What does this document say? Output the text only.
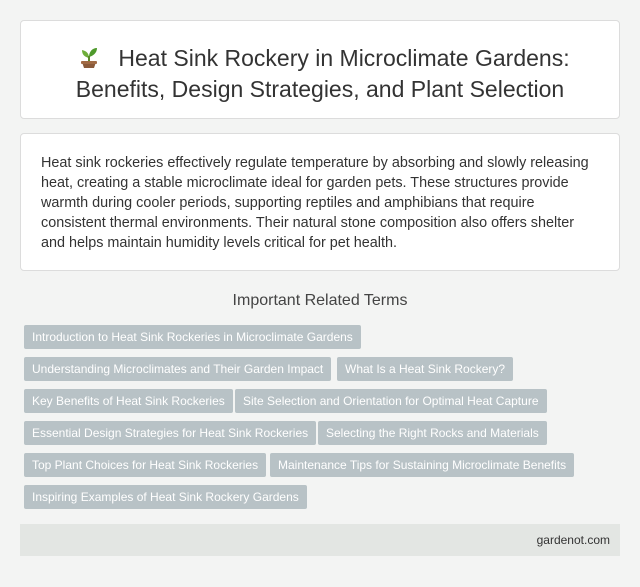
Heat Sink Rockery in Microclimate Gardens:
Benefits, Design Strategies, and Plant Selection

Heat sink rockeries effectively regulate temperature by absorbing and slowly releasing heat, creating a stable microclimate ideal for garden pets. These structures provide warmth during cooler periods, supporting reptiles and amphibians that require consistent thermal environments. Their natural stone composition also offers shelter and helps maintain humidity levels critical for pet health.

Important Related Terms
Introduction to Heat Sink Rockeries in Microclimate Gardens
Understanding Microclimates and Their Garden Impact	What Is a Heat Sink Rockery?
Key Benefits of Heat Sink Rockeries	Site Selection and Orientation for Optimal Heat Capture
Essential Design Strategies for Heat Sink Rockeries	Selecting the Right Rocks and Materials
Top Plant Choices for Heat Sink Rockeries	Maintenance Tips for Sustaining Microclimate Benefits
Inspiring Examples of Heat Sink Rockery Gardens
gardenot.com
